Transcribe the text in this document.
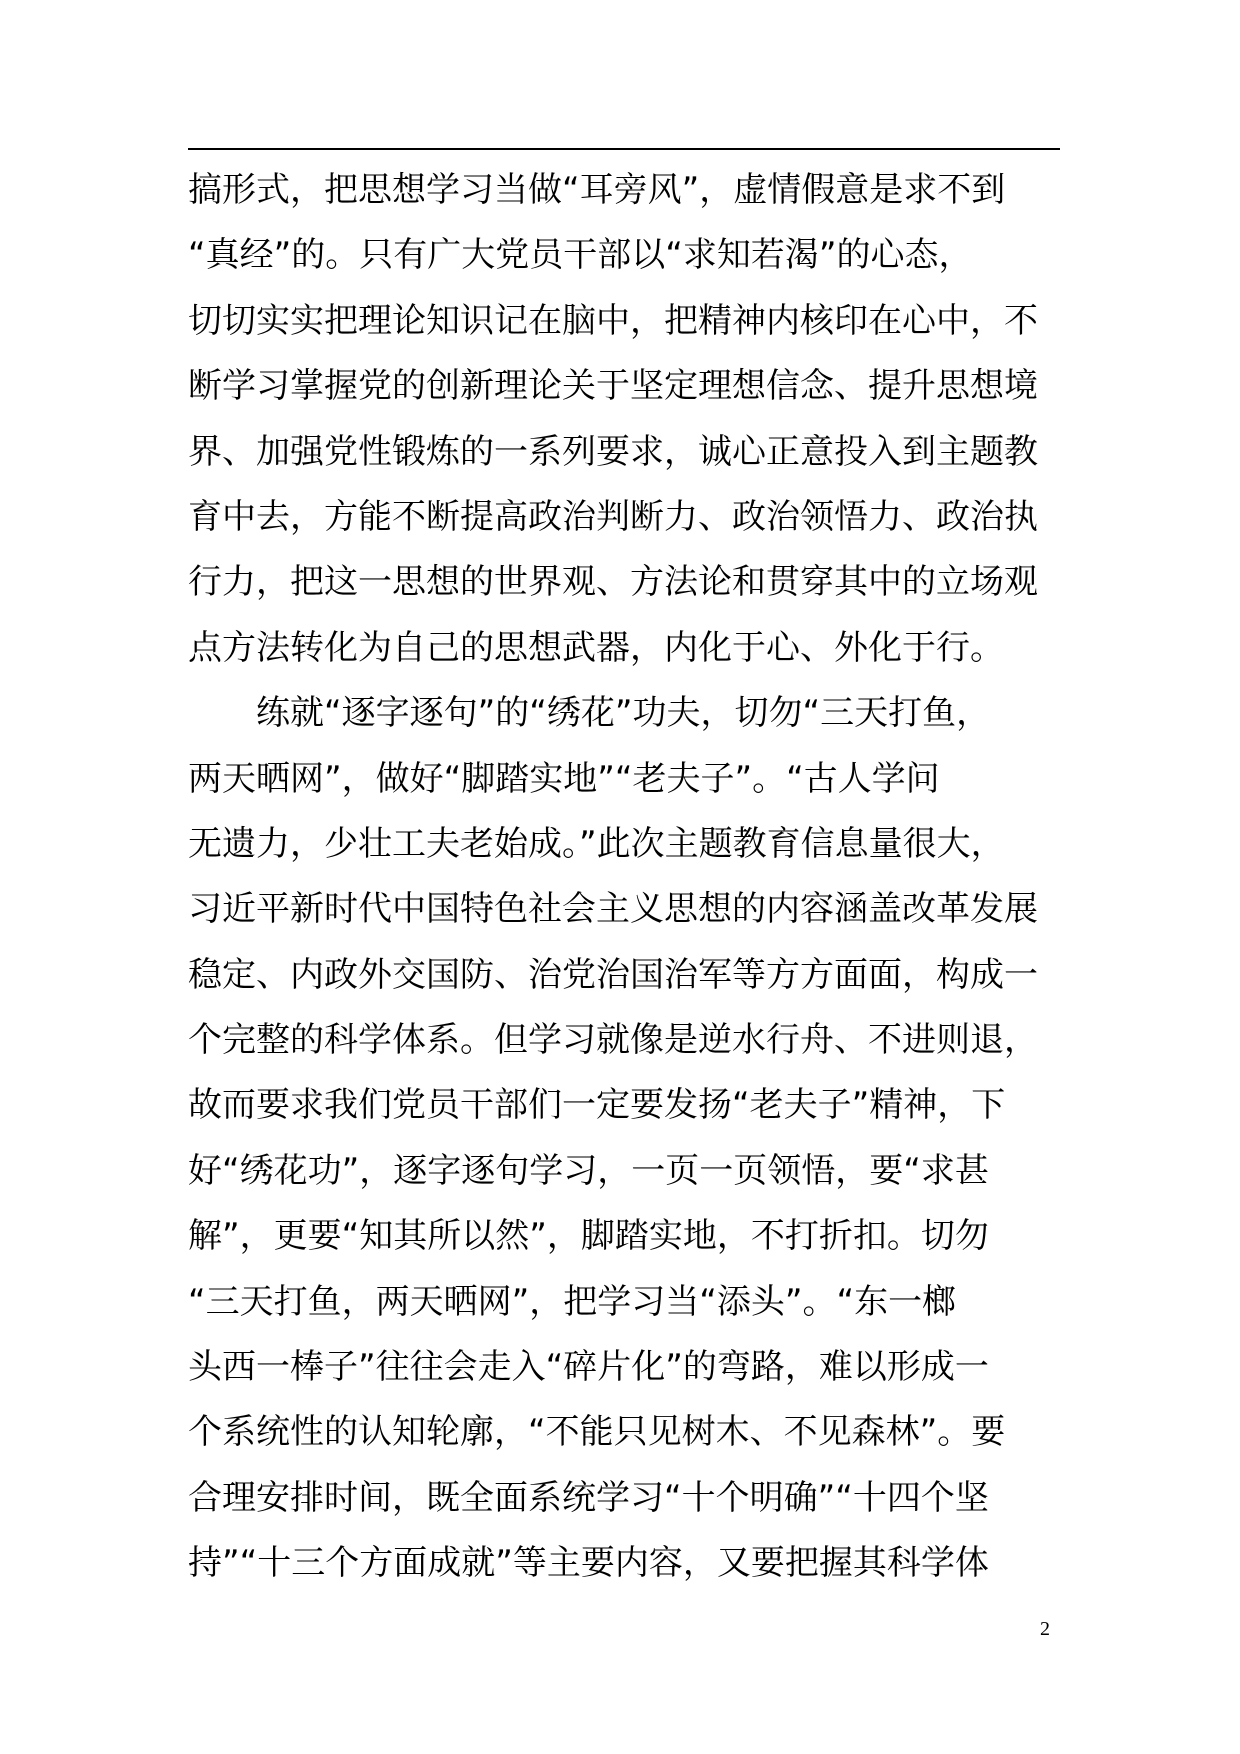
搞形式，把思想学习当做“耳旁风”，虚情假意是求不到
“真经”的。只有广大党员干部以“求知若渴”的心态，
切切实实把理论知识记在脑中，把精神内核印在心中，不
断学习掌握党的创新理论关于坚定理想信念、提升思想境
界、加强党性锻炼的一系列要求，诚心正意投入到主题教
育中去，方能不断提高政治判断力、政治领悟力、政治执
行力，把这一思想的世界观、方法论和贯穿其中的立场观
点方法转化为自己的思想武器，内化于心、外化于行。
练就“逐字逐句”的“绣花”功夫，切勿“三天打鱼，
两天晒网”，做好“脚踏实地”“老夫子”。“古人学问
无遗力，少壮工夫老始成。”此次主题教育信息量很大，
习近平新时代中国特色社会主义思想的内容涵盖改革发展
稳定、内政外交国防、治党治国治军等方方面面，构成一
个完整的科学体系。但学习就像是逆水行舟、不进则退，
故而要求我们党员干部们一定要发扬“老夫子”精神，下
好“绣花功”，逐字逐句学习，一页一页领悟，要“求甚
解”，更要“知其所以然”，脚踏实地，不打折扣。切勿
“三天打鱼，两天晒网”，把学习当“添头”。“东一榔
头西一棒子”往往会走入“碎片化”的弯路，难以形成一
个系统性的认知轮廓，“不能只见树木、不见森林”。要
合理安排时间，既全面系统学习“十个明确”“十四个坚
持”“十三个方面成就”等主要内容，又要把握其科学体
2
